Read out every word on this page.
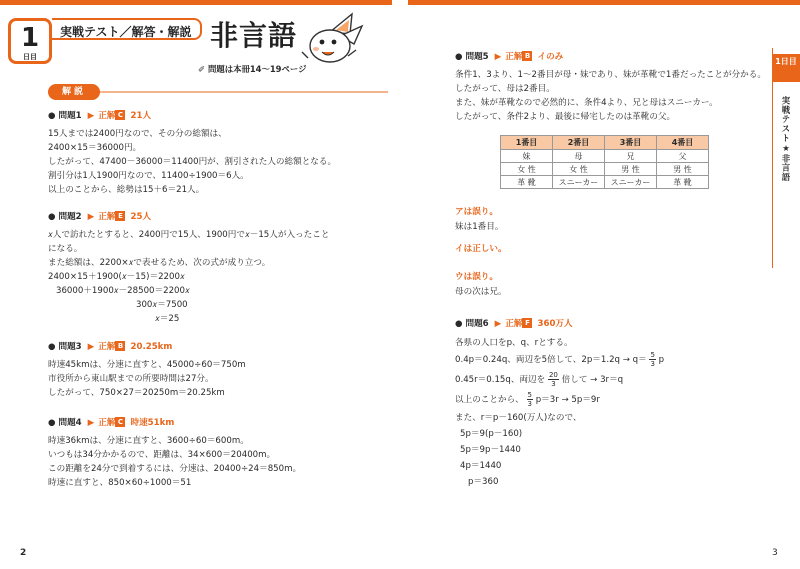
1
日目
実戦テスト／解答・解説 非言語
✐ 問題は本冊14～19ページ
解説
● 問題1 ▶ 正解 C 21人
15人までは2400円なので、その分の総額は、
2400×15＝36000円。
したがって、47400－36000＝11400円が、割引された人の総額となる。
割引分は1人1900円なので、11400÷1900＝6人。
以上のことから、総勢は15＋6＝21人。
● 問題2 ▶ 正解 E 25人
𝑥人で訪れたとすると、2400円で15人、1900円で𝑥－15人が入ったこと
になる。
また総額は、2200×𝑥で表せるため、次の式が成り立つ。
2400×15＋1900(𝑥－15)＝2200𝑥
36000＋1900𝑥－28500＝2200𝑥
300𝑥＝7500
𝑥＝25
● 問題3 ▶ 正解 B 20.25km
時速45kmは、分速に直すと、45000÷60＝750m
市役所から東山駅までの所要時間は27分。
したがって、750×27＝20250m＝20.25km
● 問題4 ▶ 正解 C 時速51km
時速36kmは、分速に直すと、3600÷60＝600m。
いつもは34分かかるので、距離は、34×600＝20400m。
この距離を24分で到着するには、分速は、20400÷24＝850m。
時速に直すと、850×60÷1000＝51
2
● 問題5 ▶ 正解 B イのみ
条件1、3より、1～2番目が母・妹であり、妹が革靴で1番だったことが分かる。
したがって、母は2番目。
また、妹が革靴なので必然的に、条件4より、兄と母はスニーカー。
したがって、条件2より、最後に帰宅したのは革靴の父。
1番目	2番目	3番目	4番目
妹	母	兄	父
女 性	女 性	男 性	男 性
革 靴	スニーカー	スニーカー	革 靴
アは誤り。
妹は1番目。
イは正しい。
ウは誤り。
母の次は兄。
● 問題6 ▶ 正解 F 360万人
各県の人口をp、q、rとする。
0.4p＝0.24q、両辺を5倍して、$2p=1.2q \to q= \frac{5}{3}$ p
0.45r＝0.15q、両辺を $\frac{20}{3}$ 倍して → 3r＝q
以上のことから、 $\frac{5}{3} p=3r \to 5p=9r$
また、r＝p－160(万人)なので、
5p＝9(p－160)
5p＝9p－1440
4p＝1440
p＝360
3
1日目
実戦テスト★非言語
